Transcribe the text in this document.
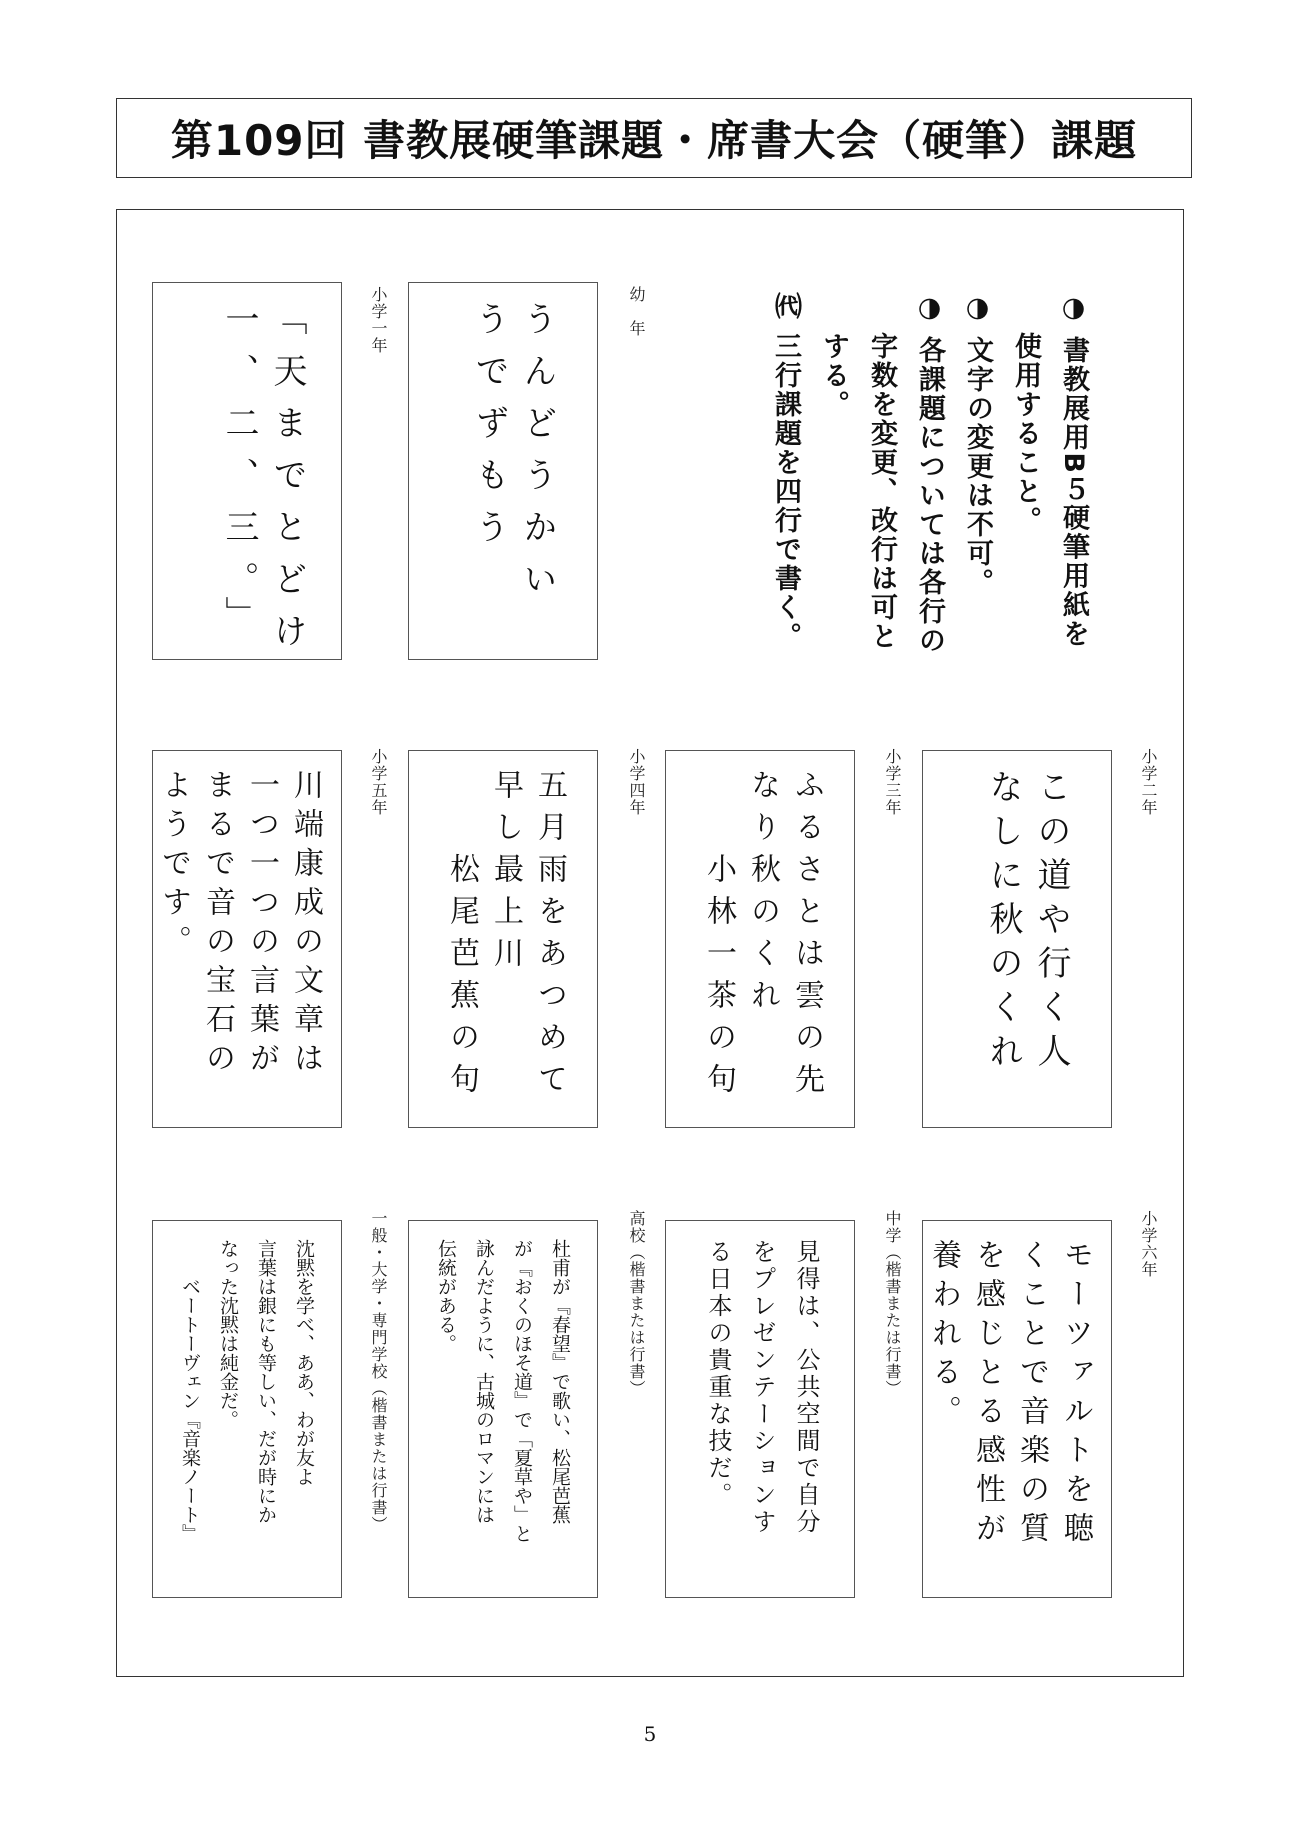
第109回 書教展硬筆課題・席書大会（硬筆）課題

◑ 書教展用B５硬筆用紙を

　 使用すること。

◑ 文字の変更は不可。

◑ 各課題については各行の

　 字数を変更、改行は可と

　 する。

㈹ 三行課題を四行で書く。

幼　年
うんどうかい
うでずもう
小学一年
「天までとどけ
一、二、三。」
小学二年
この道や行く人
なしに秋のくれ
小学三年
ふるさとは雲の先
なり秋のくれ
　　小林一茶の句
小学四年
五月雨をあつめて
早し最上川
　　松尾芭蕉の句
小学五年
川端康成の文章は
一つ一つの言葉が
まるで音の宝石の
ようです。
小学六年
モーツァルトを聴
くことで音楽の質
を感じとる感性が
養われる。
中学（楷書または行書）
見得は、公共空間で自分
をプレゼンテーションす
る日本の貴重な技だ。
高校（楷書または行書）
杜甫が『春望』で歌い、松尾芭蕉
が『おくのほそ道』で「夏草や」と
詠んだように、古城のロマンには
伝統がある。
一般・大学・専門学校（楷書または行書）
沈黙を学べ、ああ、わが友よ
言葉は銀にも等しい、だが時にか
なった沈黙は純金だ。
　　ベートーヴェン『音楽ノート』
5
